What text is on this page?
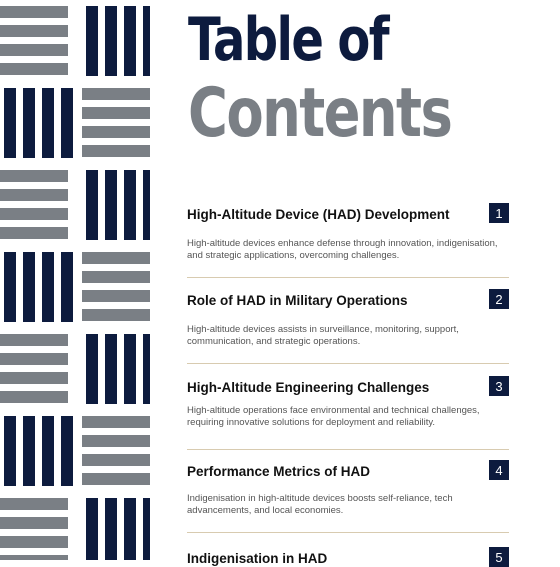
Table of
Contents
High-Altitude Device (HAD) Development	1
High-altitude devices enhance defense through innovation, indigenisation, and strategic applications, overcoming challenges.
Role of HAD in Military Operations	2
High-altitude devices assists in surveillance, monitoring, support, communication, and strategic operations.
High-Altitude Engineering Challenges	3
High-altitude operations face environmental and technical challenges, requiring innovative solutions for deployment and reliability.
Performance Metrics of HAD	4
Indigenisation in high-altitude devices boosts self-reliance, tech advancements, and local economies.
Indigenisation in HAD	5
